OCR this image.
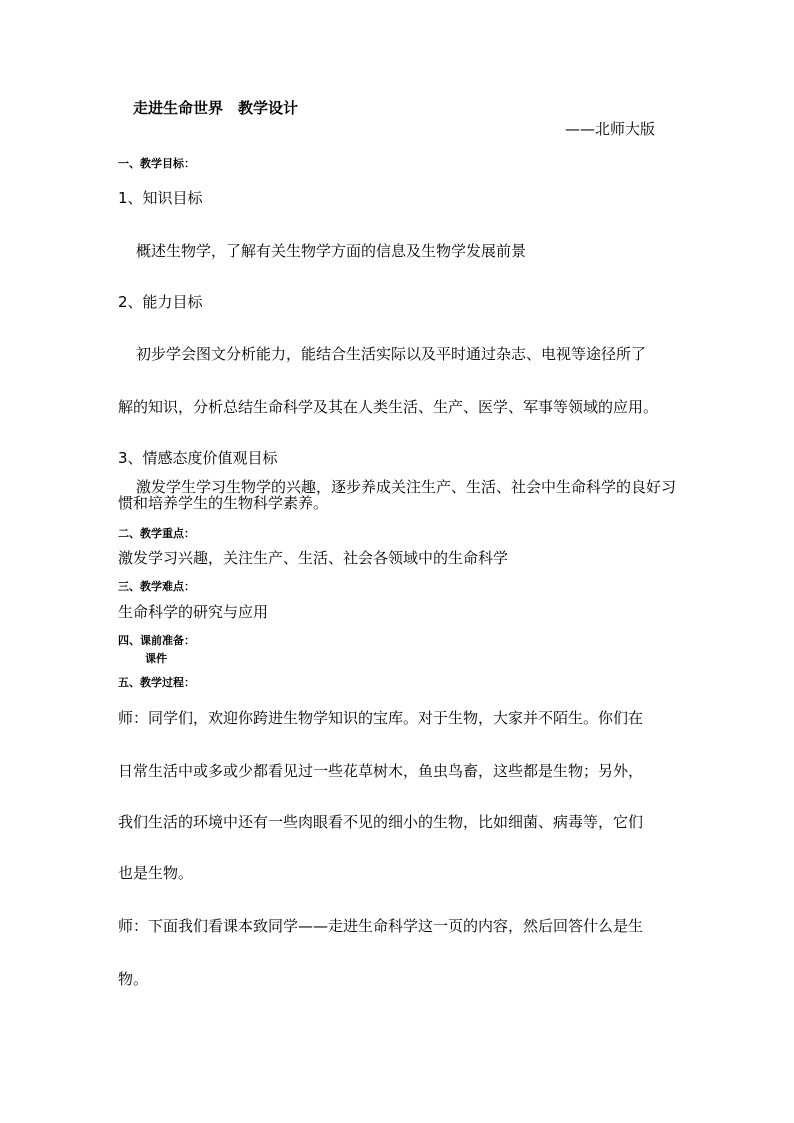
走进生命世界　教学设计
——北师大版
一、教学目标：
1、知识目标
概述生物学，了解有关生物学方面的信息及生物学发展前景
2、能力目标
初步学会图文分析能力，能结合生活实际以及平时通过杂志、电视等途径所了
解的知识，分析总结生命科学及其在人类生活、生产、医学、军事等领域的应用。
3、情感态度价值观目标
激发学生学习生物学的兴趣，逐步养成关注生产、生活、社会中生命科学的良好习惯和培养学生的生物科学素养。
二、教学重点：
激发学习兴趣，关注生产、生活、社会各领域中的生命科学
三、教学难点：
生命科学的研究与应用
四、课前准备：
课件
五、教学过程：
师：同学们，欢迎你跨进生物学知识的宝库。对于生物，大家并不陌生。你们在
日常生活中或多或少都看见过一些花草树木，鱼虫鸟畜，这些都是生物；另外，
我们生活的环境中还有一些肉眼看不见的细小的生物，比如细菌、病毒等，它们
也是生物。
师：下面我们看课本致同学——走进生命科学这一页的内容，然后回答什么是生
物。
